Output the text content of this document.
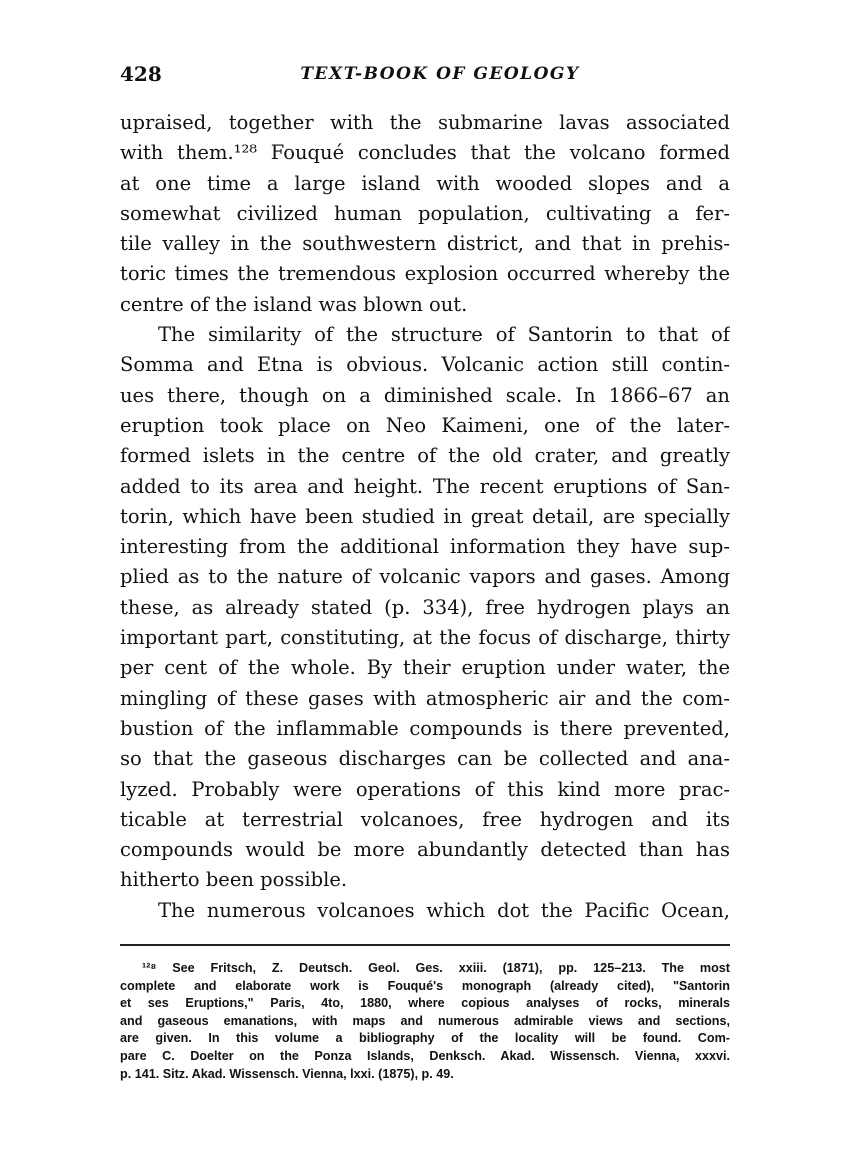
428	TEXT-BOOK OF GEOLOGY
upraised, together with the submarine lavas associated
with them.¹²⁸ Fouqué concludes that the volcano formed
at one time a large island with wooded slopes and a
somewhat civilized human population, cultivating a fer-
tile valley in the southwestern district, and that in prehis-
toric times the tremendous explosion occurred whereby the
centre of the island was blown out.
The similarity of the structure of Santorin to that of
Somma and Etna is obvious. Volcanic action still contin-
ues there, though on a diminished scale. In 1866–67 an
eruption took place on Neo Kaimeni, one of the later-
formed islets in the centre of the old crater, and greatly
added to its area and height. The recent eruptions of San-
torin, which have been studied in great detail, are specially
interesting from the additional information they have sup-
plied as to the nature of volcanic vapors and gases. Among
these, as already stated (p. 334), free hydrogen plays an
important part, constituting, at the focus of discharge, thirty
per cent of the whole. By their eruption under water, the
mingling of these gases with atmospheric air and the com-
bustion of the inflammable compounds is there prevented,
so that the gaseous discharges can be collected and ana-
lyzed. Probably were operations of this kind more prac-
ticable at terrestrial volcanoes, free hydrogen and its
compounds would be more abundantly detected than has
hitherto been possible.
The numerous volcanoes which dot the Pacific Ocean,
¹²⁸ See Fritsch, Z. Deutsch. Geol. Ges. xxiii. (1871), pp. 125–213. The most
complete and elaborate work is Fouqué's monograph (already cited), "Santorin
et ses Eruptions," Paris, 4to, 1880, where copious analyses of rocks, minerals
and gaseous emanations, with maps and numerous admirable views and sections,
are given. In this volume a bibliography of the locality will be found. Com-
pare C. Doelter on the Ponza Islands, Denksch. Akad. Wissensch. Vienna, xxxvi.
p. 141. Sitz. Akad. Wissensch. Vienna, lxxi. (1875), p. 49.
